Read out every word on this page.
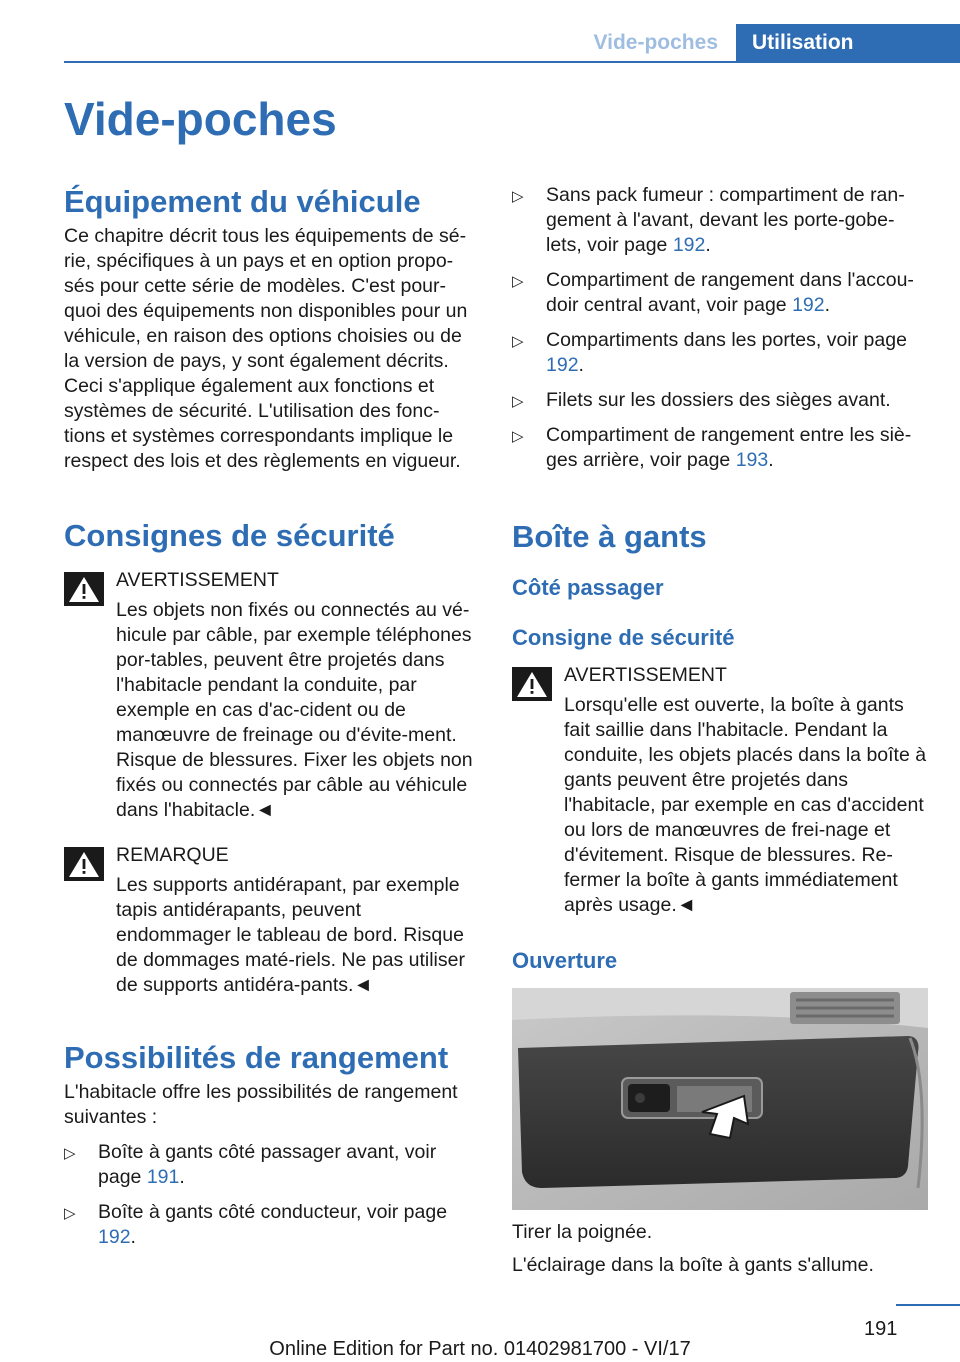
Vide-poches	Utilisation
Vide-poches
Équipement du véhicule

Ce chapitre décrit tous les équipements de sé-rie, spécifiques à un pays et en option propo-sés pour cette série de modèles. C'est pour-quoi des équipements non disponibles pour un véhicule, en raison des options choisies ou de la version de pays, y sont également décrits. Ceci s'applique également aux fonctions et systèmes de sécurité. L'utilisation des fonc-tions et systèmes correspondants implique le respect des lois et des règlements en vigueur.

Consignes de sécurité
AVERTISSEMENT

Les objets non fixés ou connectés au vé-hicule par câble, par exemple téléphones por-tables, peuvent être projetés dans l'habitacle pendant la conduite, par exemple en cas d'ac-cident ou de manœuvre de freinage ou d'évite-ment. Risque de blessures. Fixer les objets non fixés ou connectés par câble au véhicule dans l'habitacle.◄

REMARQUE

Les supports antidérapant, par exemple tapis antidérapants, peuvent endommager le tableau de bord. Risque de dommages maté-riels. Ne pas utiliser de supports antidéra-pants.◄

Possibilités de rangement

L'habitacle offre les possibilités de rangement suivantes :

▷ Boîte à gants côté passager avant, voir page 191.
▷ Boîte à gants côté conducteur, voir page 192.
▷ Sans pack fumeur : compartiment de ran-gement à l'avant, devant les porte-gobe-lets, voir page 192.
▷ Compartiment de rangement dans l'accou-doir central avant, voir page 192.
▷ Compartiments dans les portes, voir page 192.
▷ Filets sur les dossiers des sièges avant.
▷ Compartiment de rangement entre les siè-ges arrière, voir page 193.
Boîte à gants
Côté passager
Consigne de sécurité
AVERTISSEMENT

Lorsqu'elle est ouverte, la boîte à gants fait saillie dans l'habitacle. Pendant la conduite, les objets placés dans la boîte à gants peuvent être projetés dans l'habitacle, par exemple en cas d'accident ou lors de manœuvres de frei-nage et d'évitement. Risque de blessures. Re-fermer la boîte à gants immédiatement après usage.◄

Ouverture

Tirer la poignée.

L'éclairage dans la boîte à gants s'allume.

191
Online Edition for Part no. 01402981700 - VI/17
